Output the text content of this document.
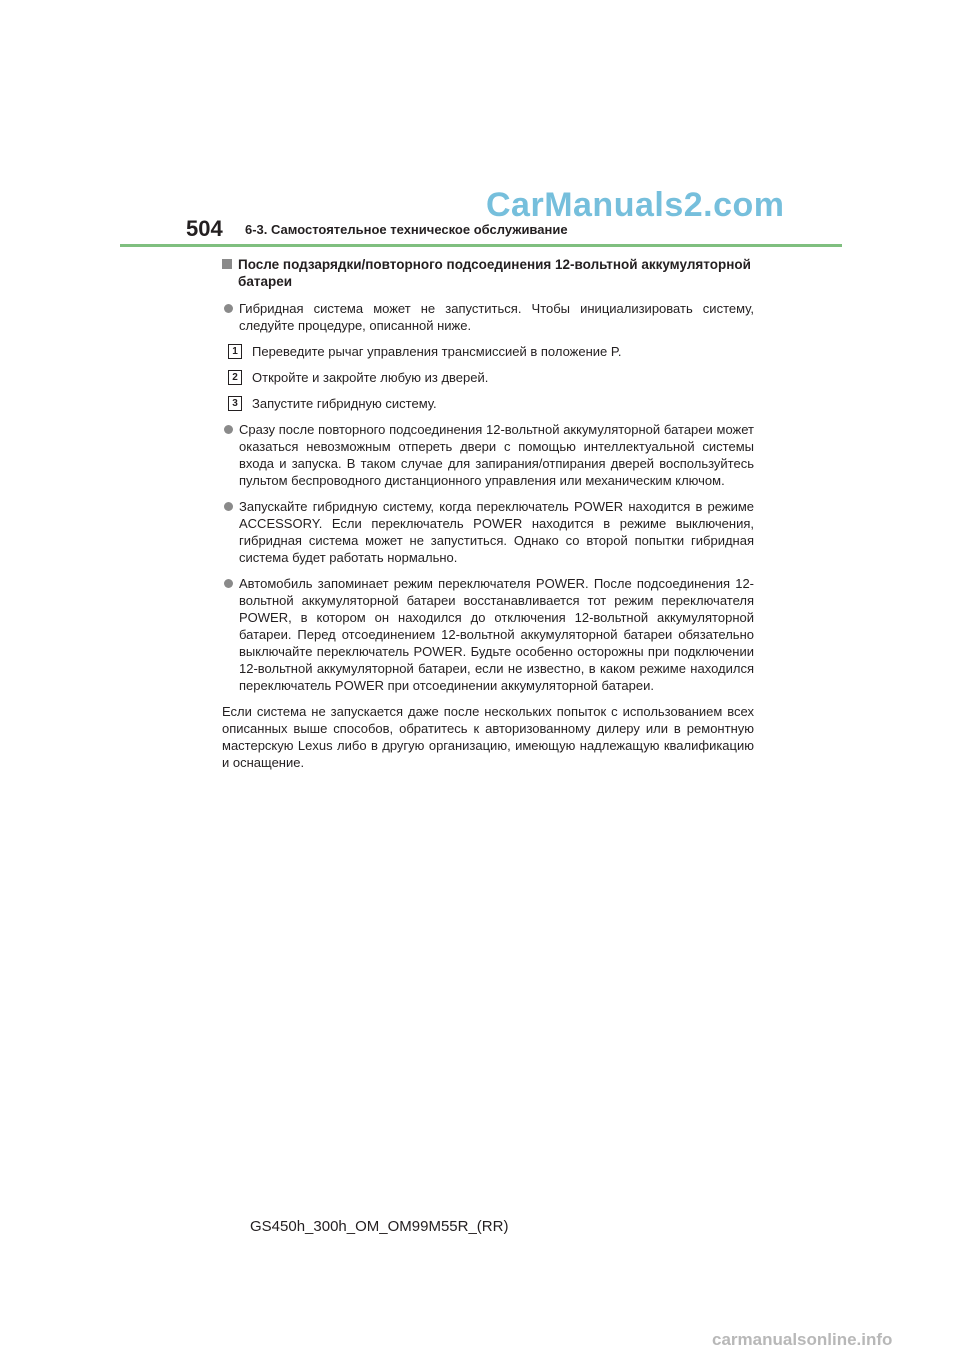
CarManuals2.com
504 6-3. Самостоятельное техническое обслуживание
После подзарядки/повторного подсоединения 12-вольтной аккумуляторной батареи
Гибридная система может не запуститься. Чтобы инициализировать систему, следуйте процедуре, описанной ниже.
1	Переведите рычаг управления трансмиссией в положение P.
2	Откройте и закройте любую из дверей.
3	Запустите гибридную систему.
Сразу после повторного подсоединения 12-вольтной аккумуляторной батареи может оказаться невозможным отпереть двери с помощью интеллектуальной системы входа и запуска. В таком случае для запирания/отпирания дверей воспользуйтесь пультом беспроводного дистанционного управления или механическим ключом.
Запускайте гибридную систему, когда переключатель POWER находится в режиме ACCESSORY. Если переключатель POWER находится в режиме выключения, гибридная система может не запуститься. Однако со второй попытки гибридная система будет работать нормально.
Автомобиль запоминает режим переключателя POWER. После подсоединения 12-вольтной аккумуляторной батареи восстанавливается тот режим переключателя POWER, в котором он находился до отключения 12-вольтной аккумуляторной батареи. Перед отсоединением 12-вольтной аккумуляторной батареи обязательно выключайте переключатель POWER. Будьте особенно осторожны при подключении 12-вольтной аккумуляторной батареи, если не известно, в каком режиме находился переключатель POWER при отсоединении аккумуляторной батареи.
Если система не запускается даже после нескольких попыток с использованием всех описанных выше способов, обратитесь к авторизованному дилеру или в ремонтную мастерскую Lexus либо в другую организацию, имеющую надлежащую квалификацию и оснащение.
GS450h_300h_OM_OM99M55R_(RR)
carmanualsonline.info
